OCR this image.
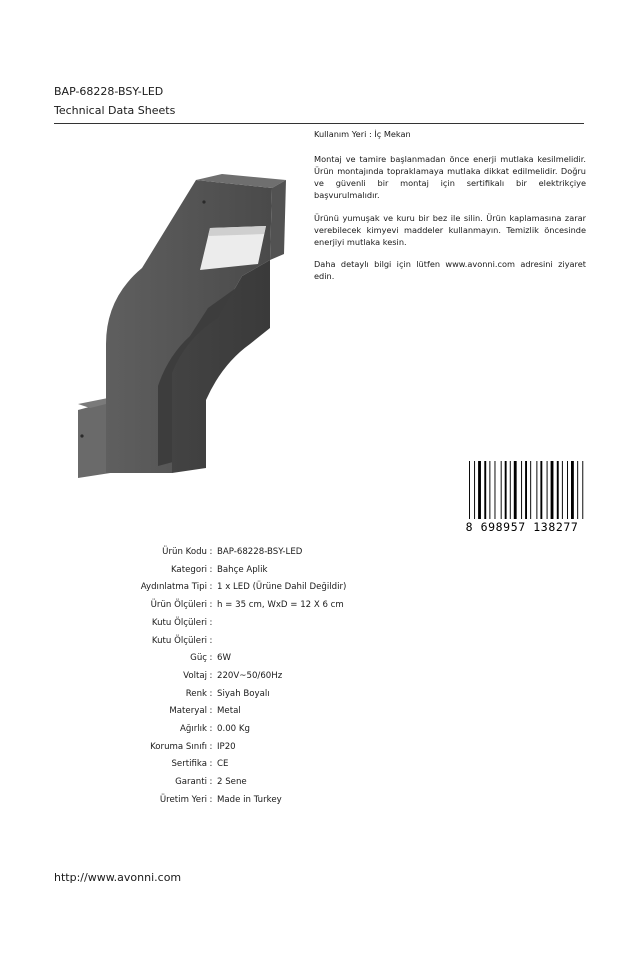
BAP-68228-BSY-LED
Technical Data Sheets

Kullanım Yeri : İç Mekan

Montaj ve tamire başlanmadan önce enerji mutlaka kesilmelidir. Ürün montajında topraklamaya mutlaka dikkat edilmelidir. Doğru ve güvenli bir montaj için sertifikalı bir elektrikçiye başvurulmalıdır.

Ürünü yumuşak ve kuru bir bez ile silin. Ürün kaplamasına zarar verebilecek kimyevi maddeler kullanmayın. Temizlik öncesinde enerjiyi mutlaka kesin.

Daha detaylı bilgi için lütfen www.avonni.com adresini ziyaret edin.

8 698957 138277
Ürün Kodu : BAP-68228-BSY-LED
Kategori : Bahçe Aplik
Aydınlatma Tipi : 1 x LED (Ürüne Dahil Değildir)
Ürün Ölçüleri : h = 35 cm, WxD = 12 X 6 cm
Kutu Ölçüleri :
Kutu Ölçüleri :
Güç : 6W
Voltaj : 220V~50/60Hz
Renk : Siyah Boyalı
Materyal : Metal
Ağırlık : 0.00 Kg
Koruma Sınıfı : IP20
Sertifika : CE
Garanti : 2 Sene
Üretim Yeri : Made in Turkey
http://www.avonni.com
